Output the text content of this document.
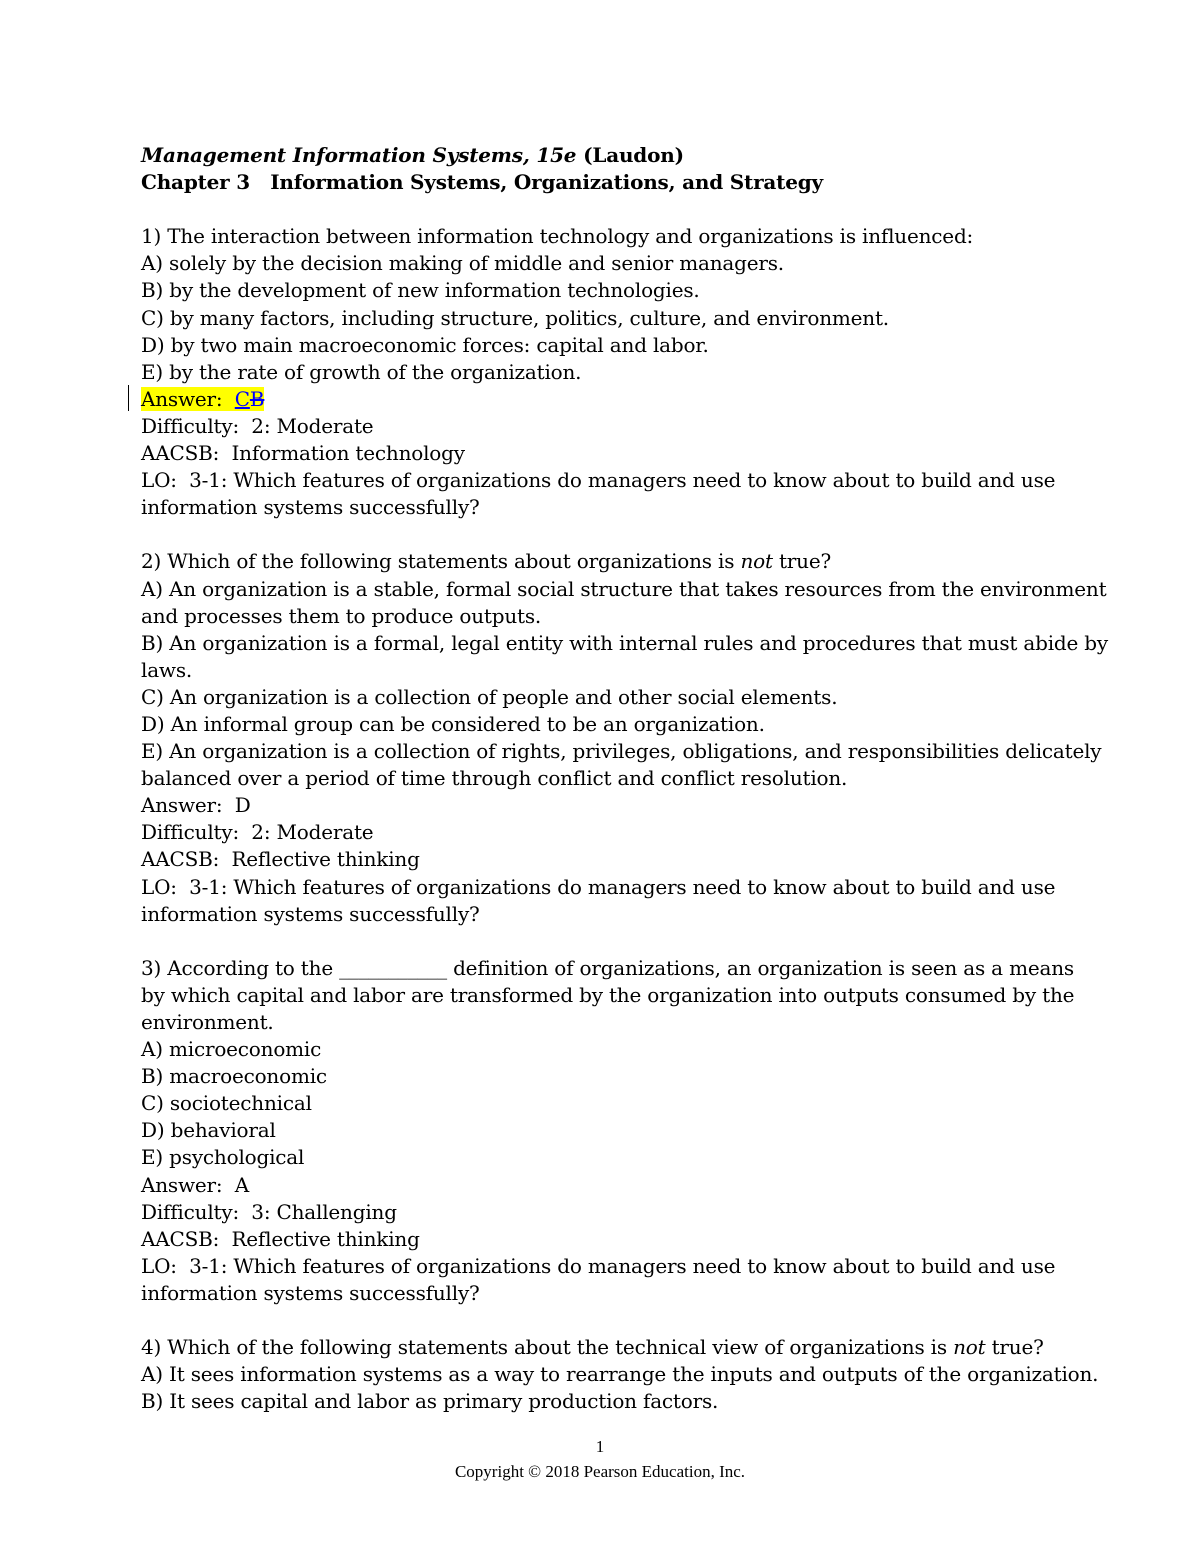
Management Information Systems, 15e (Laudon)
Chapter 3   Information Systems, Organizations, and Strategy
1) The interaction between information technology and organizations is influenced:
A) solely by the decision making of middle and senior managers.
B) by the development of new information technologies.
C) by many factors, including structure, politics, culture, and environment.
D) by two main macroeconomic forces: capital and labor.
E) by the rate of growth of the organization.
Answer:  CB
Difficulty:  2: Moderate
AACSB:  Information technology
LO:  3-1: Which features of organizations do managers need to know about to build and use
information systems successfully?
2) Which of the following statements about organizations is not true?
A) An organization is a stable, formal social structure that takes resources from the environment
and processes them to produce outputs.
B) An organization is a formal, legal entity with internal rules and procedures that must abide by
laws.
C) An organization is a collection of people and other social elements.
D) An informal group can be considered to be an organization.
E) An organization is a collection of rights, privileges, obligations, and responsibilities delicately
balanced over a period of time through conflict and conflict resolution.
Answer:  D
Difficulty:  2: Moderate
AACSB:  Reflective thinking
LO:  3-1: Which features of organizations do managers need to know about to build and use
information systems successfully?
3) According to the ___________ definition of organizations, an organization is seen as a means
by which capital and labor are transformed by the organization into outputs consumed by the
environment.
A) microeconomic
B) macroeconomic
C) sociotechnical
D) behavioral
E) psychological
Answer:  A
Difficulty:  3: Challenging
AACSB:  Reflective thinking
LO:  3-1: Which features of organizations do managers need to know about to build and use
information systems successfully?
4) Which of the following statements about the technical view of organizations is not true?
A) It sees information systems as a way to rearrange the inputs and outputs of the organization.
B) It sees capital and labor as primary production factors.
1
Copyright © 2018 Pearson Education, Inc.
